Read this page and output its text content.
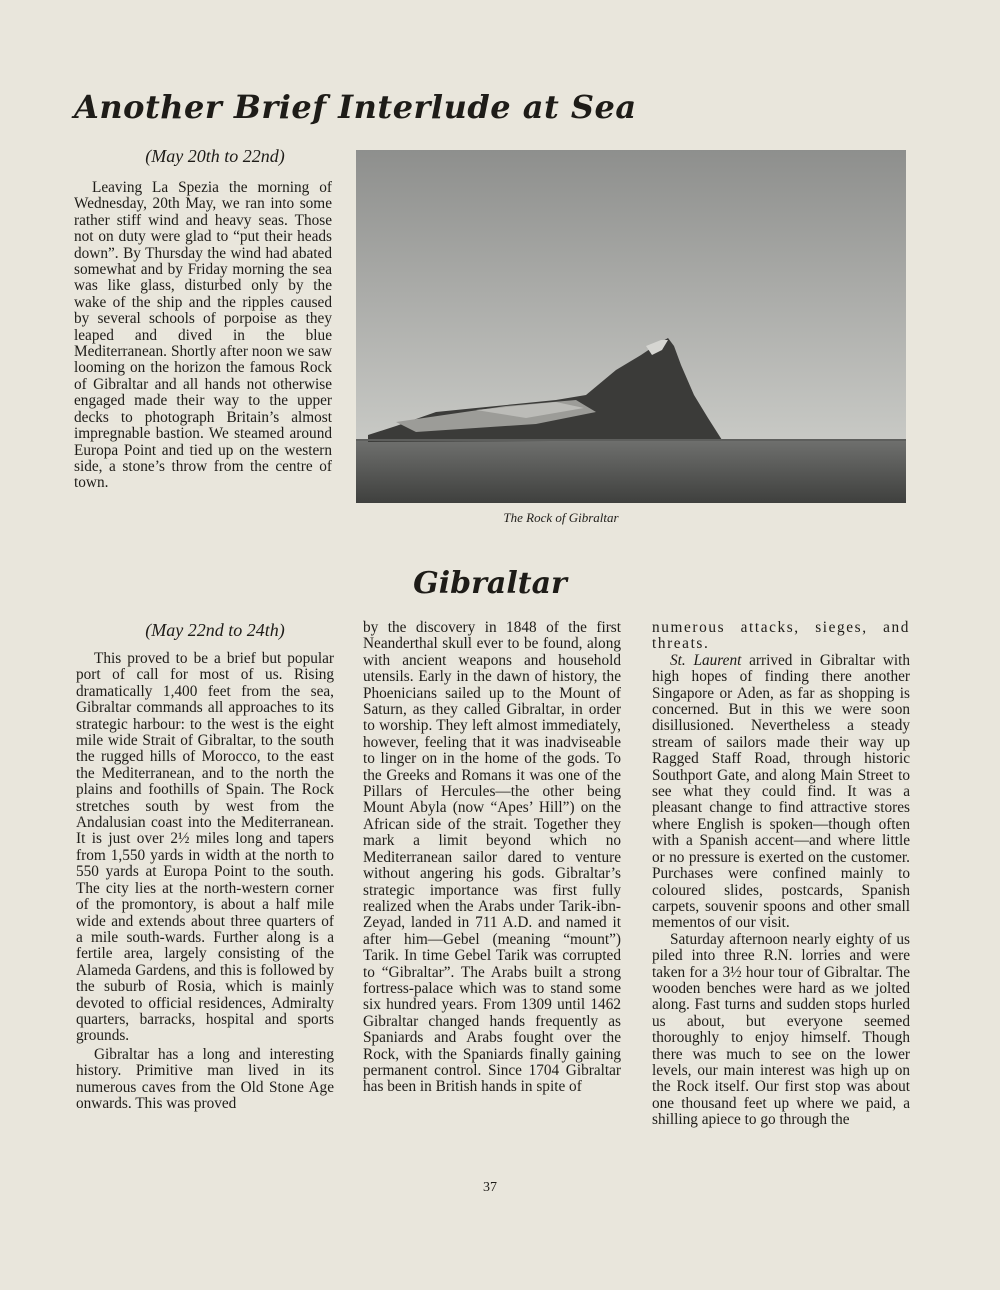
Another Brief Interlude at Sea

(May 20th to 22nd)

Leaving La Spezia the morning of Wednesday, 20th May, we ran into some rather stiff wind and heavy seas. Those not on duty were glad to “put their heads down”. By Thursday the wind had abated somewhat and by Friday morning the sea was like glass, disturbed only by the wake of the ship and the ripples caused by several schools of porpoise as they leaped and dived in the blue Mediterranean. Shortly after noon we saw looming on the horizon the famous Rock of Gibraltar and all hands not otherwise engaged made their way to the upper decks to photograph Britain’s almost impregnable bastion. We steamed around Europa Point and tied up on the western side, a stone’s throw from the centre of town.

The Rock of Gibraltar

Gibraltar

(May 22nd to 24th)

This proved to be a brief but popular port of call for most of us. Rising dramatically 1,400 feet from the sea, Gibraltar commands all approaches to its strategic harbour: to the west is the eight mile wide Strait of Gibraltar, to the south the rugged hills of Morocco, to the east the Mediterranean, and to the north the plains and foothills of Spain. The Rock stretches south by west from the Andalusian coast into the Mediterranean. It is just over 2½ miles long and tapers from 1,550 yards in width at the north to 550 yards at Europa Point to the south. The city lies at the north-western corner of the promontory, is about a half mile wide and extends about three quarters of a mile south-wards. Further along is a fertile area, largely consisting of the Alameda Gardens, and this is followed by the suburb of Rosia, which is mainly devoted to official residences, Admiralty quarters, barracks, hospital and sports grounds.

Gibraltar has a long and interesting history. Primitive man lived in its numerous caves from the Old Stone Age onwards. This was proved

by the discovery in 1848 of the first Neanderthal skull ever to be found, along with ancient weapons and household utensils. Early in the dawn of history, the Phoenicians sailed up to the Mount of Saturn, as they called Gibraltar, in order to worship. They left almost immediately, however, feeling that it was inadviseable to linger on in the home of the gods. To the Greeks and Romans it was one of the Pillars of Hercules—the other being Mount Abyla (now “Apes’ Hill”) on the African side of the strait. Together they mark a limit beyond which no Mediterranean sailor dared to venture without angering his gods. Gibraltar’s strategic importance was first fully realized when the Arabs under Tarik-ibn-Zeyad, landed in 711 A.D. and named it after him—Gebel (meaning “mount”) Tarik. In time Gebel Tarik was corrupted to “Gibraltar”. The Arabs built a strong fortress-palace which was to stand some six hundred years. From 1309 until 1462 Gibraltar changed hands frequently as Spaniards and Arabs fought over the Rock, with the Spaniards finally gaining permanent control. Since 1704 Gibraltar has been in British hands in spite of

numerous attacks, sieges, and threats.

St. Laurent arrived in Gibraltar with high hopes of finding there another Singapore or Aden, as far as shopping is concerned. But in this we were soon disillusioned. Nevertheless a steady stream of sailors made their way up Ragged Staff Road, through historic Southport Gate, and along Main Street to see what they could find. It was a pleasant change to find attractive stores where English is spoken—though often with a Spanish accent—and where little or no pressure is exerted on the customer. Purchases were confined mainly to coloured slides, postcards, Spanish carpets, souvenir spoons and other small mementos of our visit.

Saturday afternoon nearly eighty of us piled into three R.N. lorries and were taken for a 3½ hour tour of Gibraltar. The wooden benches were hard as we jolted along. Fast turns and sudden stops hurled us about, but everyone seemed thoroughly to enjoy himself. Though there was much to see on the lower levels, our main interest was high up on the Rock itself. Our first stop was about one thousand feet up where we paid, a shilling apiece to go through the

37
